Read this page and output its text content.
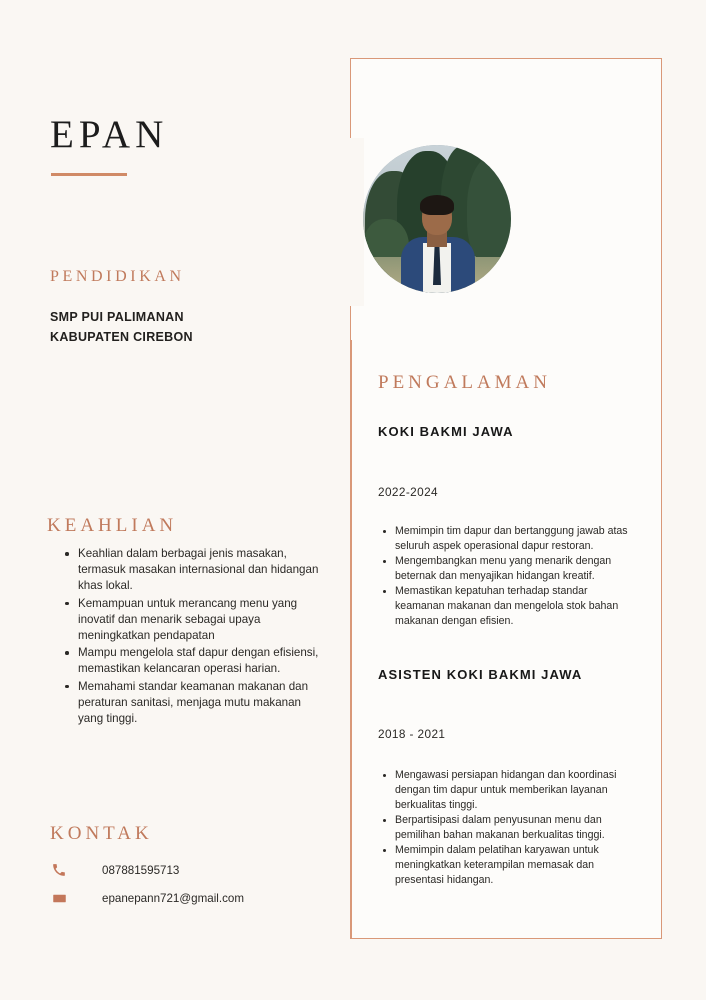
EPAN
PENDIDIKAN
SMP PUI PALIMANAN
KABUPATEN CIREBON
KEAHLIAN
Keahlian dalam berbagai jenis masakan, termasuk masakan internasional dan hidangan khas lokal.
Kemampuan untuk merancang menu yang inovatif dan menarik sebagai upaya meningkatkan pendapatan
Mampu mengelola staf dapur dengan efisiensi, memastikan kelancaran operasi harian.
Memahami standar keamanan makanan dan peraturan sanitasi, menjaga mutu makanan yang tinggi.
KONTAK
087881595713
epanepann721@gmail.com
PENGALAMAN
KOKI BAKMI JAWA
2022-2024
Memimpin tim dapur dan bertanggung jawab atas seluruh aspek operasional dapur restoran.
Mengembangkan menu yang menarik dengan beternak dan menyajikan hidangan kreatif.
Memastikan kepatuhan terhadap standar keamanan makanan dan mengelola stok bahan makanan dengan efisien.
ASISTEN KOKI BAKMI JAWA
2018 - 2021
Mengawasi persiapan hidangan dan koordinasi dengan tim dapur untuk memberikan layanan berkualitas tinggi.
Berpartisipasi dalam penyusunan menu dan pemilihan bahan makanan berkualitas tinggi.
Memimpin dalam pelatihan karyawan untuk meningkatkan keterampilan memasak dan presentasi hidangan.
